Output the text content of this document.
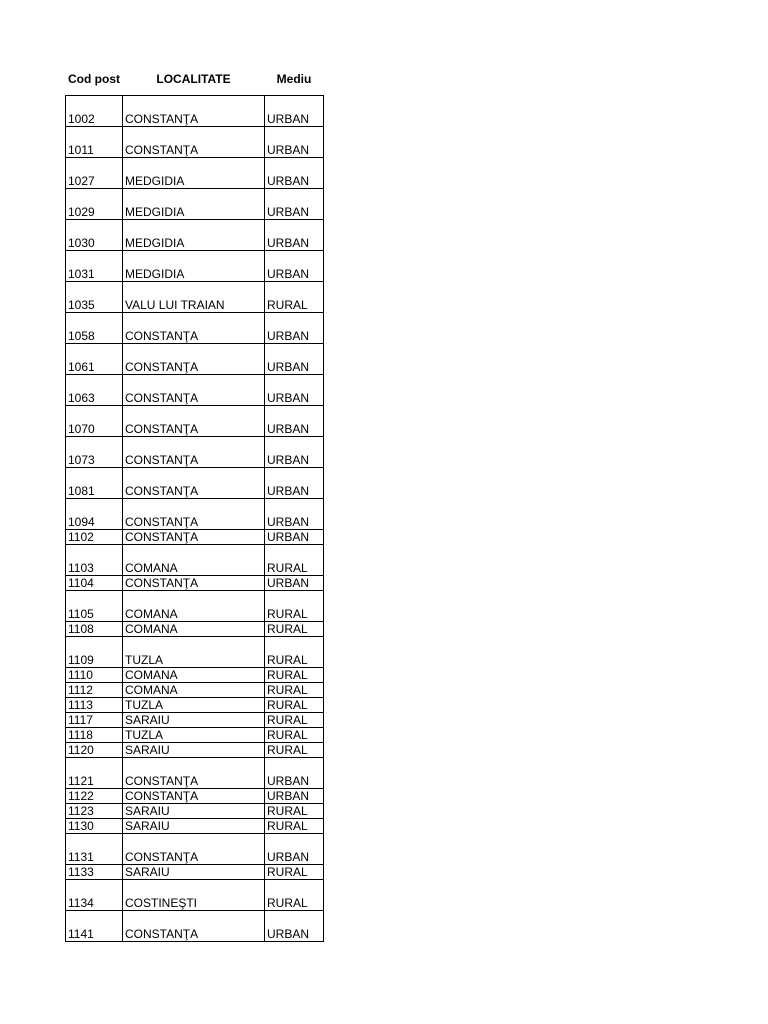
Cod post	LOCALITATE	Mediu
1002	CONSTANŢA	URBAN
1011	CONSTANŢA	URBAN
1027	MEDGIDIA	URBAN
1029	MEDGIDIA	URBAN
1030	MEDGIDIA	URBAN
1031	MEDGIDIA	URBAN
1035	VALU LUI TRAIAN	RURAL
1058	CONSTANŢA	URBAN
1061	CONSTANŢA	URBAN
1063	CONSTANŢA	URBAN
1070	CONSTANŢA	URBAN
1073	CONSTANŢA	URBAN
1081	CONSTANŢA	URBAN
1094	CONSTANŢA	URBAN
1102	CONSTANŢA	URBAN
1103	COMANA	RURAL
1104	CONSTANŢA	URBAN
1105	COMANA	RURAL
1108	COMANA	RURAL
1109	TUZLA	RURAL
1110	COMANA	RURAL
1112	COMANA	RURAL
1113	TUZLA	RURAL
1117	SARAIU	RURAL
1118	TUZLA	RURAL
1120	SARAIU	RURAL
1121	CONSTANŢA	URBAN
1122	CONSTANŢA	URBAN
1123	SARAIU	RURAL
1130	SARAIU	RURAL
1131	CONSTANŢA	URBAN
1133	SARAIU	RURAL
1134	COSTINEŞTI	RURAL
1141	CONSTANŢA	URBAN
